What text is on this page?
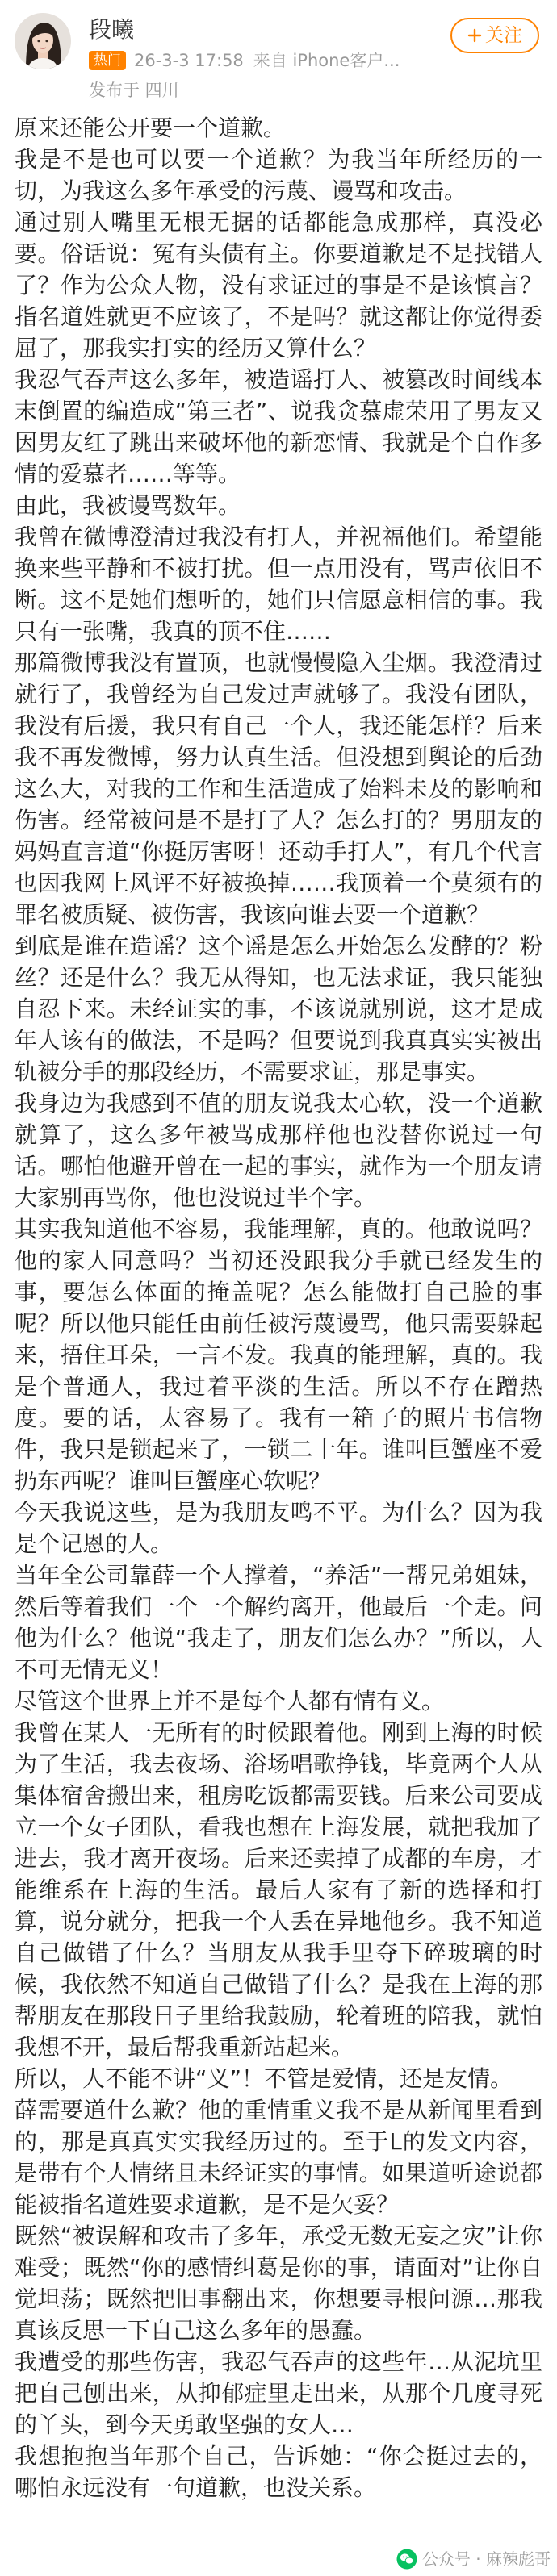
段曦
热门 26-3-3 17:58 来自 iPhone客户...
发布于 四川
关注

原来还能公开要一个道歉。

我是不是也可以要一个道歉？为我当年所经历的一切，为我这么多年承受的污蔑、谩骂和攻击。

通过别人嘴里无根无据的话都能急成那样，真没必要。俗话说：冤有头债有主。你要道歉是不是找错人了？作为公众人物，没有求证过的事是不是该慎言？指名道姓就更不应该了，不是吗？就这都让你觉得委屈了，那我实打实的经历又算什么？

我忍气吞声这么多年，被造谣打人、被篡改时间线本末倒置的编造成“第三者”、说我贪慕虚荣用了男友又因男友红了跳出来破坏他的新恋情、我就是个自作多情的爱慕者……等等。

由此，我被谩骂数年。

我曾在微博澄清过我没有打人，并祝福他们。希望能换来些平静和不被打扰。但一点用没有，骂声依旧不断。这不是她们想听的，她们只信愿意相信的事。我只有一张嘴，我真的顶不住……

那篇微博我没有置顶，也就慢慢隐入尘烟。我澄清过就行了，我曾经为自己发过声就够了。我没有团队，我没有后援，我只有自己一个人，我还能怎样？后来我不再发微博，努力认真生活。但没想到舆论的后劲这么大，对我的工作和生活造成了始料未及的影响和伤害。经常被问是不是打了人？怎么打的？男朋友的妈妈直言道“你挺厉害呀！还动手打人”，有几个代言也因我网上风评不好被换掉……我顶着一个莫须有的罪名被质疑、被伤害，我该向谁去要一个道歉？

到底是谁在造谣？这个谣是怎么开始怎么发酵的？粉丝？还是什么？我无从得知，也无法求证，我只能独自忍下来。未经证实的事，不该说就别说，这才是成年人该有的做法，不是吗？但要说到我真真实实被出轨被分手的那段经历，不需要求证，那是事实。

我身边为我感到不值的朋友说我太心软，没一个道歉就算了，这么多年被骂成那样他也没替你说过一句话。哪怕他避开曾在一起的事实，就作为一个朋友请大家别再骂你，他也没说过半个字。

其实我知道他不容易，我能理解，真的。他敢说吗？他的家人同意吗？当初还没跟我分手就已经发生的事，要怎么体面的掩盖呢？怎么能做打自己脸的事呢？所以他只能任由前任被污蔑谩骂，他只需要躲起来，捂住耳朵，一言不发。我真的能理解，真的。我是个普通人，我过着平淡的生活。所以不存在蹭热度。要的话，太容易了。我有一箱子的照片书信物件，我只是锁起来了，一锁二十年。谁叫巨蟹座不爱扔东西呢？谁叫巨蟹座心软呢？

今天我说这些，是为我朋友鸣不平。为什么？因为我是个记恩的人。

当年全公司靠薛一个人撑着，“养活”一帮兄弟姐妹，然后等着我们一个一个解约离开，他最后一个走。问他为什么？他说“我走了，朋友们怎么办？”所以，人不可无情无义！

尽管这个世界上并不是每个人都有情有义。

我曾在某人一无所有的时候跟着他。刚到上海的时候为了生活，我去夜场、浴场唱歌挣钱，毕竟两个人从集体宿舍搬出来，租房吃饭都需要钱。后来公司要成立一个女子团队，看我也想在上海发展，就把我加了进去，我才离开夜场。后来还卖掉了成都的车房，才能维系在上海的生活。最后人家有了新的选择和打算，说分就分，把我一个人丢在异地他乡。我不知道自己做错了什么？当朋友从我手里夺下碎玻璃的时候，我依然不知道自己做错了什么？是我在上海的那帮朋友在那段日子里给我鼓励，轮着班的陪我，就怕我想不开，最后帮我重新站起来。

所以，人不能不讲“义”！不管是爱情，还是友情。

薛需要道什么歉？他的重情重义我不是从新闻里看到的，那是真真实实我经历过的。至于L的发文内容，是带有个人情绪且未经证实的事情。如果道听途说都能被指名道姓要求道歉，是不是欠妥？

既然“被误解和攻击了多年，承受无数无妄之灾”让你难受；既然“你的感情纠葛是你的事，请面对”让你自觉坦荡；既然把旧事翻出来，你想要寻根问源…那我真该反思一下自己这么多年的愚蠢。

我遭受的那些伤害，我忍气吞声的这些年…从泥坑里把自己刨出来，从抑郁症里走出来，从那个几度寻死的丫头，到今天勇敢坚强的女人…

我想抱抱当年那个自己，告诉她：“你会挺过去的，哪怕永远没有一句道歉，也没关系。

公众号 · 麻辣彪哥
